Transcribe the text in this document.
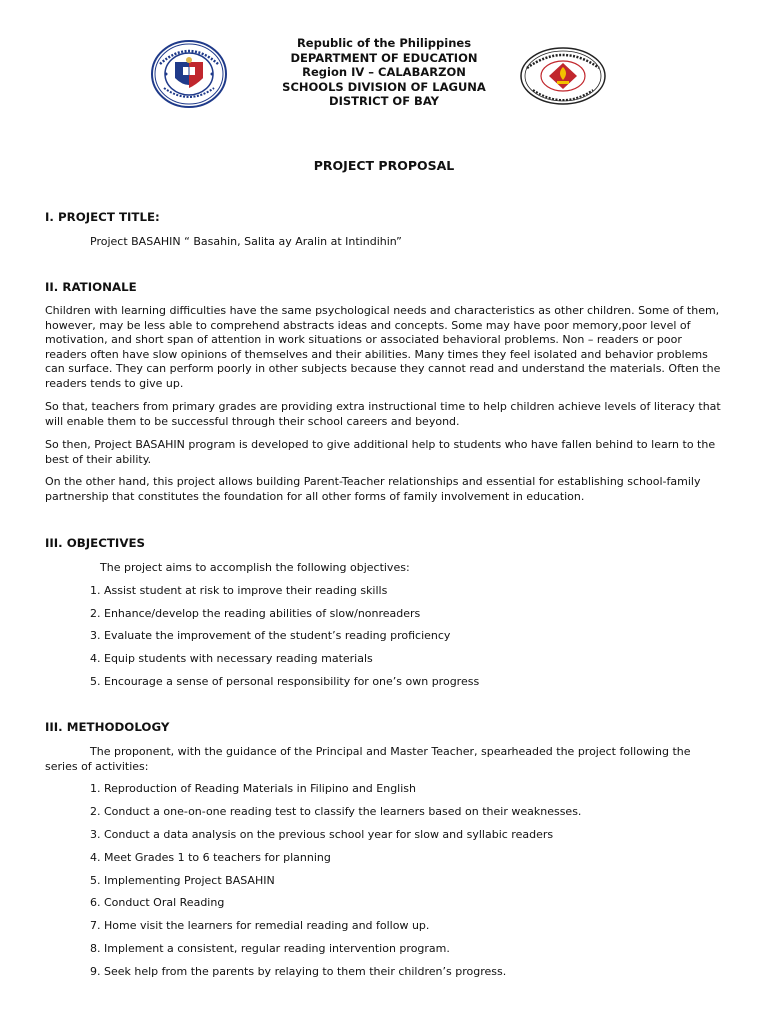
Republic of the Philippines

DEPARTMENT OF EDUCATION

Region IV – CALABARZON

SCHOOLS DIVISION OF LAGUNA

DISTRICT OF BAY

PROJECT PROPOSAL
I. PROJECT TITLE:

Project BASAHIN “ Basahin, Salita ay Aralin at Intindihin”

II. RATIONALE

Children with learning difficulties have the same psychological needs and characteristics as other children. Some of them, however, may be less able to comprehend abstracts ideas and concepts. Some may have poor memory,poor level of motivation, and short span of attention in work situations or associated behavioral problems. Non – readers or poor readers often have slow opinions of themselves and their abilities. Many times they feel isolated and behavior problems can surface. They can perform poorly in other subjects because they cannot read and understand the materials. Often the readers tends to give up.

So that, teachers from primary grades are providing extra instructional time to help children achieve levels of literacy that will enable them to be successful through their school careers and beyond.

So then, Project BASAHIN program is developed to give additional help to students who have fallen behind to learn to the best of their ability.

On the other hand, this project allows building Parent-Teacher relationships and essential for establishing school-family partnership that constitutes the foundation for all other forms of family involvement in education.

III. OBJECTIVES

The project aims to accomplish the following objectives:

1. Assist student at risk to improve their reading skills

2. Enhance/develop the reading abilities of slow/nonreaders

3. Evaluate the improvement of the student’s reading proficiency

4. Equip students with necessary reading materials

5. Encourage a sense of personal responsibility for one’s own progress

III. METHODOLOGY

The proponent, with the guidance of the Principal and Master Teacher, spearheaded the project following the series of activities:

1. Reproduction of Reading Materials in Filipino and English

2. Conduct a one-on-one reading test to classify the learners based on their weaknesses.

3. Conduct a data analysis on the previous school year for slow and syllabic readers

4. Meet Grades 1 to 6 teachers for planning

5. Implementing Project BASAHIN

6. Conduct Oral Reading

7. Home visit the learners for remedial reading and follow up.

8. Implement a consistent, regular reading intervention program.

9. Seek help from the parents by relaying to them their children’s progress.
